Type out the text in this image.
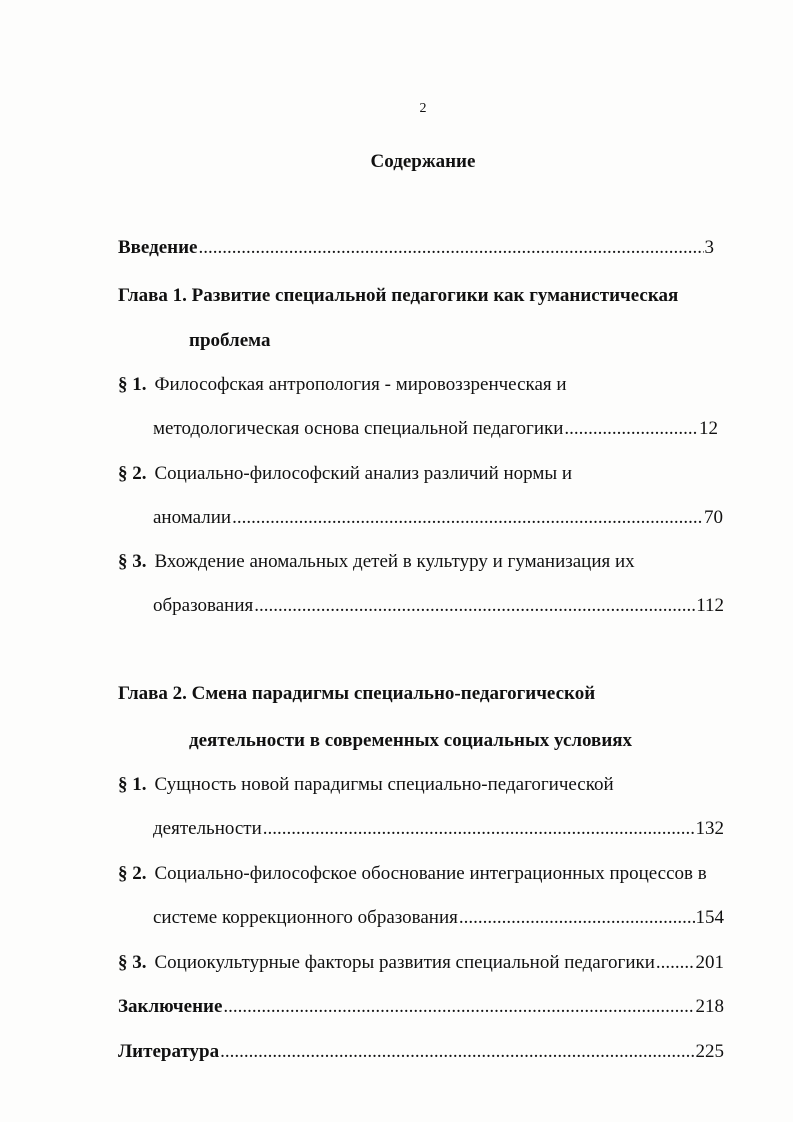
2
Содержание
Введение .....	3
Глава 1. Развитие специальной педагогики как гуманистическая
проблема
§ 1. Философская антропология - мировоззренческая и
методологическая основа специальной педагогики .....	12
§ 2. Социально-философский анализ различий нормы и
аномалии .....	70
§ 3. Вхождение аномальных детей в культуру и гуманизация их
образования .....	112
Глава 2. Смена парадигмы специально-педагогической
деятельности в современных социальных условиях
§ 1. Сущность новой парадигмы специально-педагогической
деятельности .....	132
§ 2. Социально-философское обоснование интеграционных процессов в
системе коррекционного образования .....	154
§ 3. Социокультурные факторы развития специальной педагогики ..... 201
Заключение .....	218
Литература .....	225
